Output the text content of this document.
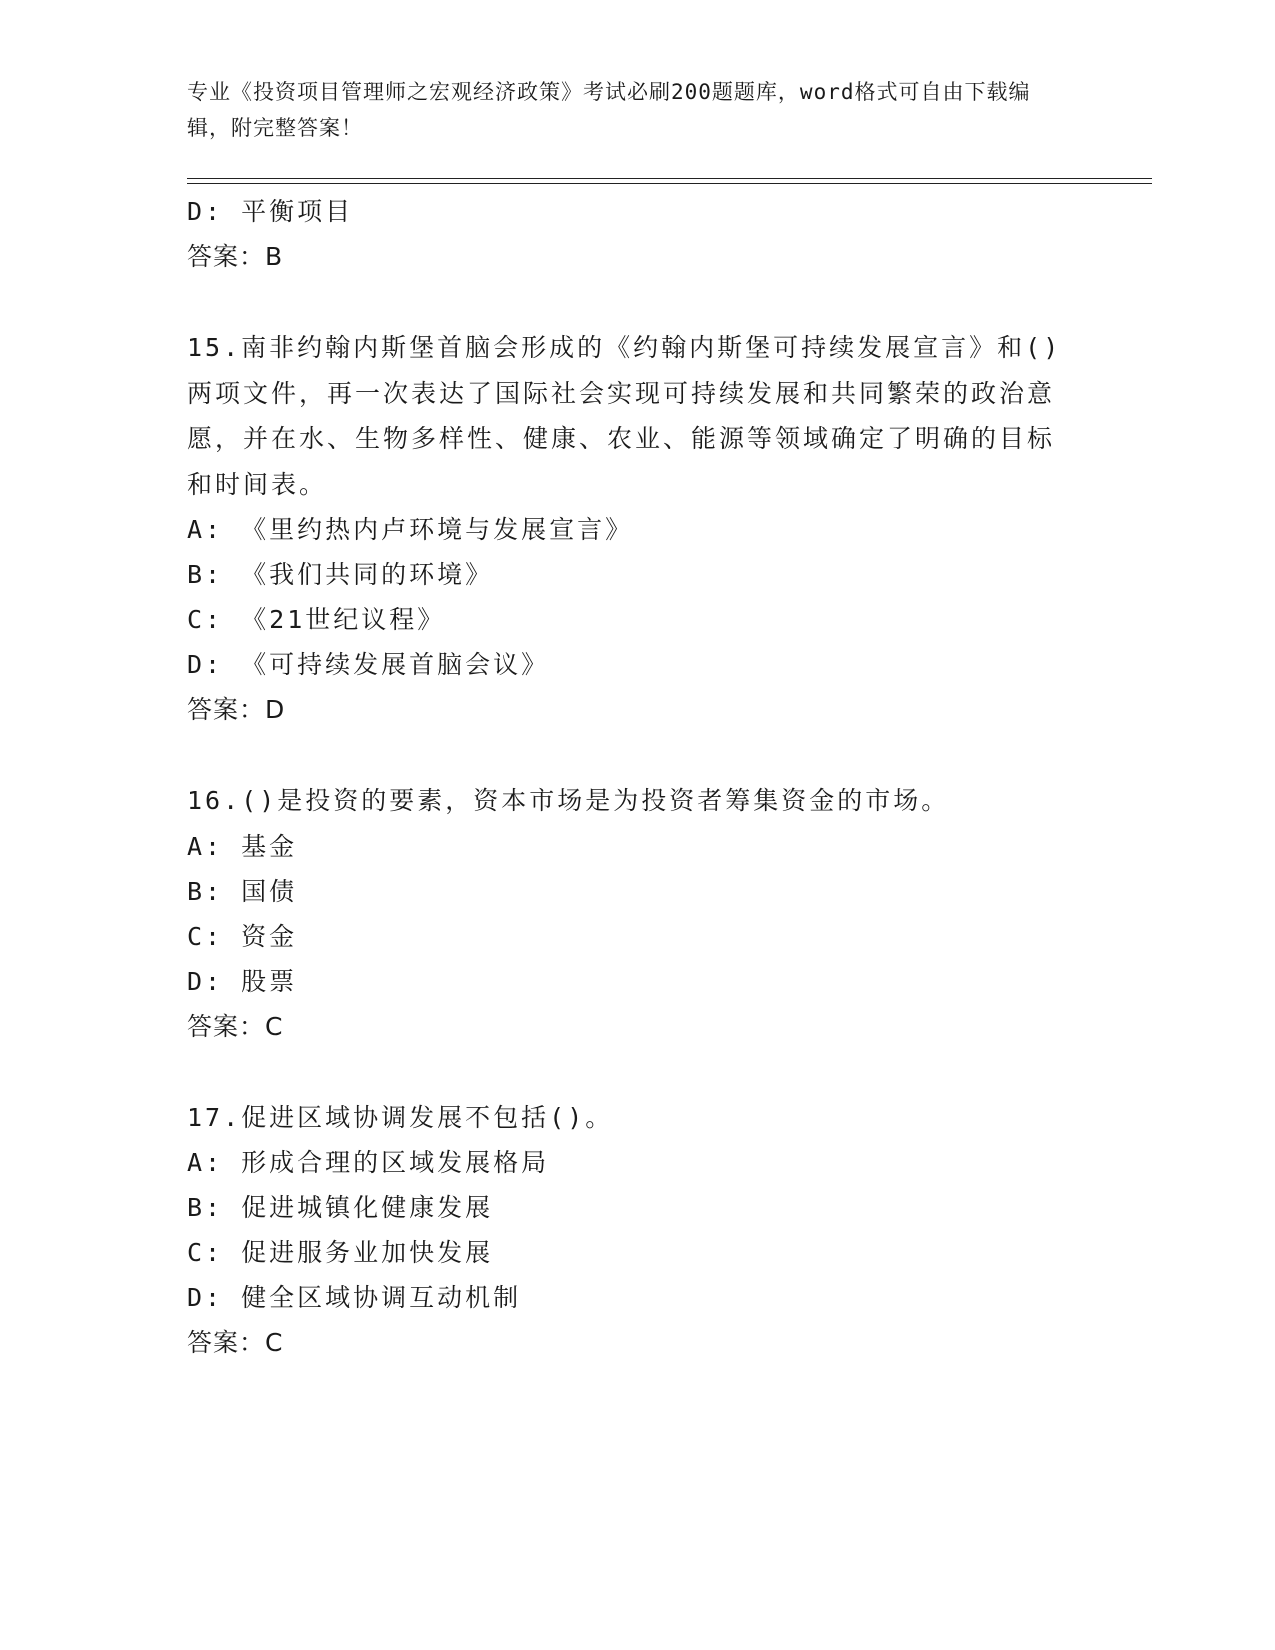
专业《投资项目管理师之宏观经济政策》考试必刷200题题库，word格式可自由下载编辑，附完整答案！
D: 平衡项目
答案：B
15.南非约翰内斯堡首脑会形成的《约翰内斯堡可持续发展宣言》和()两项文件，再一次表达了国际社会实现可持续发展和共同繁荣的政治意愿，并在水、生物多样性、健康、农业、能源等领域确定了明确的目标和时间表。
A: 《里约热内卢环境与发展宣言》
B: 《我们共同的环境》
C: 《21世纪议程》
D: 《可持续发展首脑会议》
答案：D
16.()是投资的要素，资本市场是为投资者筹集资金的市场。
A: 基金
B: 国债
C: 资金
D: 股票
答案：C
17.促进区域协调发展不包括()。
A: 形成合理的区域发展格局
B: 促进城镇化健康发展
C: 促进服务业加快发展
D: 健全区域协调互动机制
答案：C
